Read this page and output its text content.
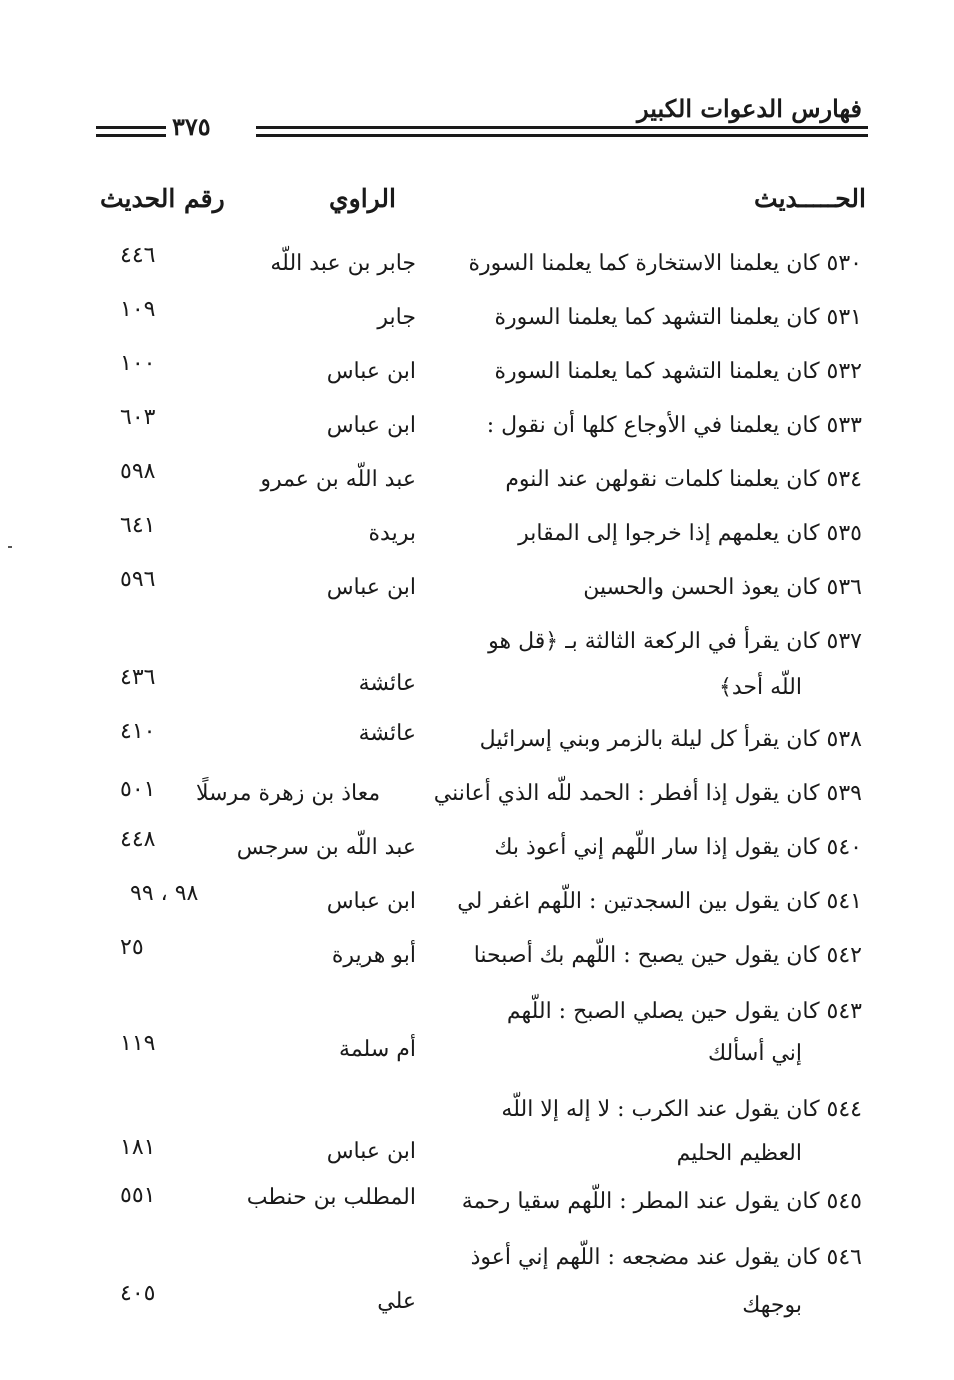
فهارس الدعوات الكبير
٣٧٥
الحـــــديث
الراوي
رقم الحديث
٥٣٠ كان يعلمنا الاستخارة كما يعلمنا السورة
جابر بن عبد اللّه
٤٤٦
٥٣١ كان يعلمنا التشهد كما يعلمنا السورة
جابر
١٠٩
٥٣٢ كان يعلمنا التشهد كما يعلمنا السورة
ابن عباس
١٠٠
٥٣٣ كان يعلمنا في الأوجاع كلها أن نقول :
ابن عباس
٦٠٣
٥٣٤ كان يعلمنا كلمات نقولهن عند النوم
عبد اللّه بن عمرو
٥٩٨
٥٣٥ كان يعلمهم إذا خرجوا إلى المقابر
بريدة
٦٤١
٥٣٦ كان يعوذ الحسن والحسين
ابن عباس
٥٩٦
٥٣٧ كان يقرأ في الركعة الثالثة بـ ﴿قل هو
اللّه أحد﴾
عائشة
٤٣٦
٥٣٨ كان يقرأ كل ليلة بالزمر وبني إسرائيل
عائشة
٤١٠
٥٣٩ كان يقول إذا أفطر : الحمد للّه الذي أعانني
معاذ بن زهرة مرسلًا
٥٠١
٥٤٠ كان يقول إذا سار اللّهم إني أعوذ بك
عبد اللّه بن سرجس
٤٤٨
٥٤١ كان يقول بين السجدتين : اللّهم اغفر لي
ابن عباس
٩٨ ، ٩٩
٥٤٢ كان يقول حين يصبح : اللّهم بك أصبحنا
أبو هريرة
٢٥
٥٤٣ كان يقول حين يصلي الصبح : اللّهم
إني أسألك
أم سلمة
١١٩
٥٤٤ كان يقول عند الكرب : لا إله إلا اللّه
العظيم الحليم
ابن عباس
١٨١
٥٤٥ كان يقول عند المطر : اللّهم سقيا رحمة
المطلب بن حنطب
٥٥١
٥٤٦ كان يقول عند مضجعه : اللّهم إني أعوذ
بوجهك
علي
٤٠٥
